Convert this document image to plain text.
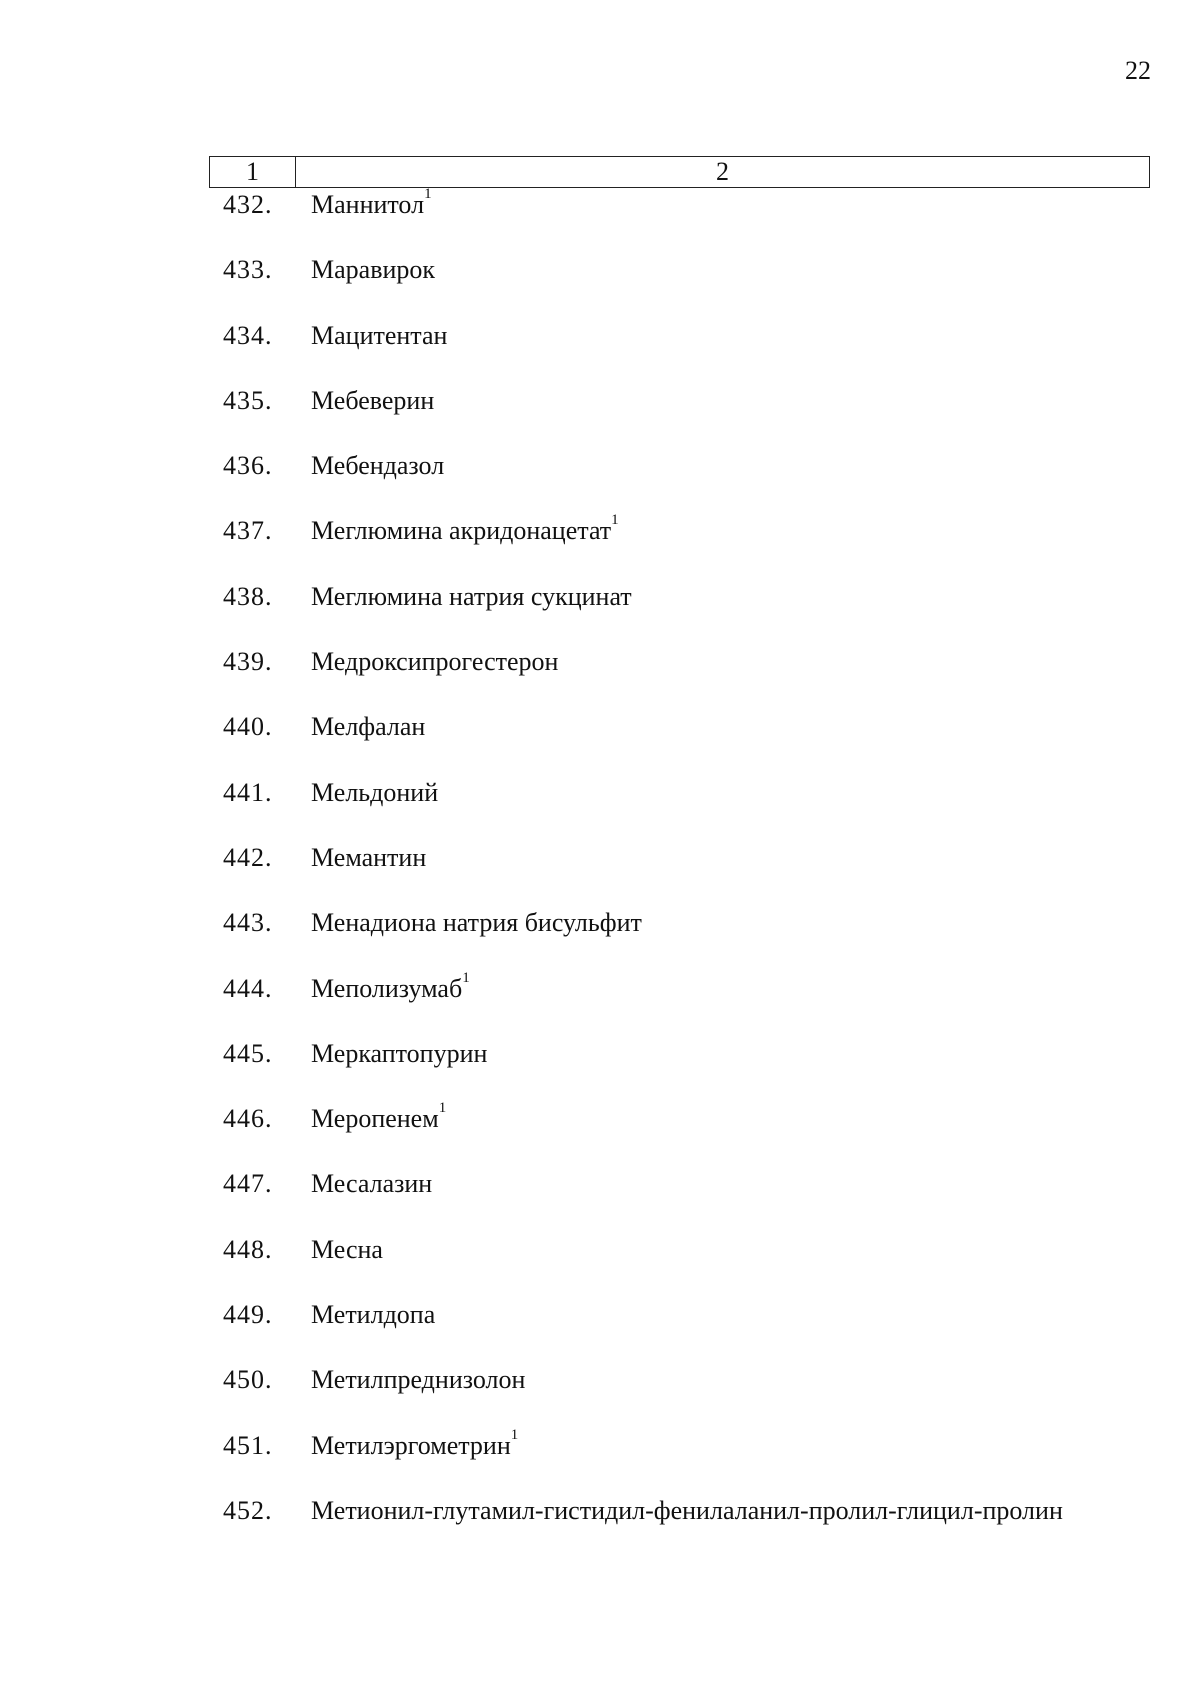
22
1	2
432.	Маннитол$^1$
433.	Маравирок
434.	Мацитентан
435.	Мебеверин
436.	Мебендазол
437.	Меглюмина акридонацетат$^1$
438.	Меглюмина натрия сукцинат
439.	Медроксипрогестерон
440.	Мелфалан
441.	Мельдоний
442.	Мемантин
443.	Менадиона натрия бисульфит
444.	Меполизумаб$^1$
445.	Меркаптопурин
446.	Меропенем$^1$
447.	Месалазин
448.	Месна
449.	Метилдопа
450.	Метилпреднизолон
451.	Метилэргометрин$^1$
452.	Метионил-глутамил-гистидил-фенилаланил-пролил-глицил-пролин
